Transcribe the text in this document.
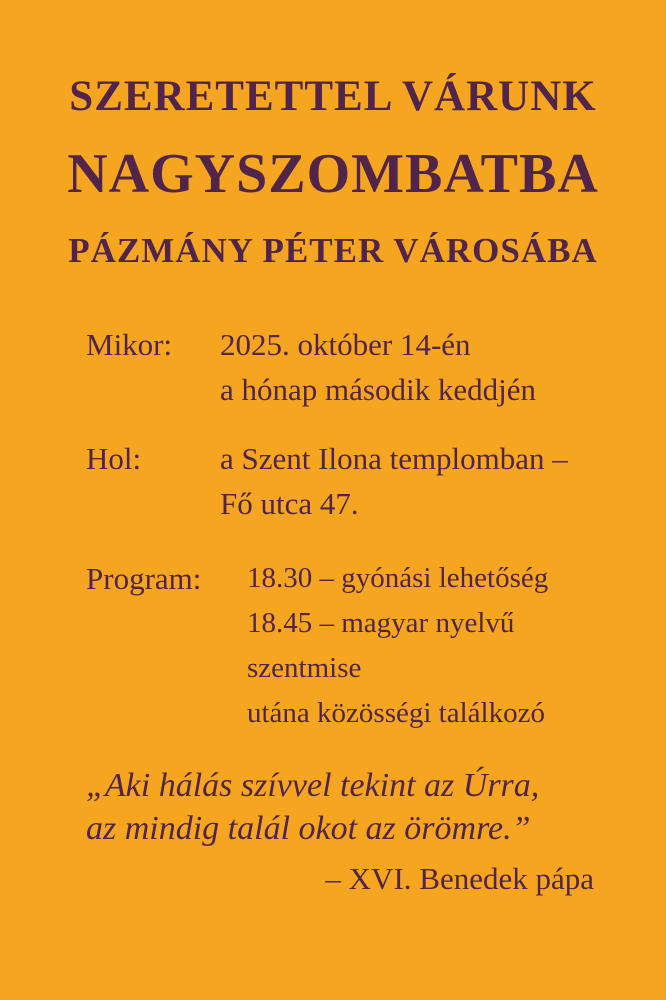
SZERETETTEL VÁRUNK
NAGYSZOMBATBA
PÁZMÁNY PÉTER VÁROSÁBA
Mikor:	2025. október 14-én
a hónap második keddjén
Hol:	a Szent Ilona templomban –
Fő utca 47.
Program:	18.30 – gyónási lehetőség
18.45 – magyar nyelvű
szentmise
utána közösségi találkozó
„Aki hálás szívvel tekint az Úrra,
az mindig talál okot az örömre.”
– XVI. Benedek pápa
